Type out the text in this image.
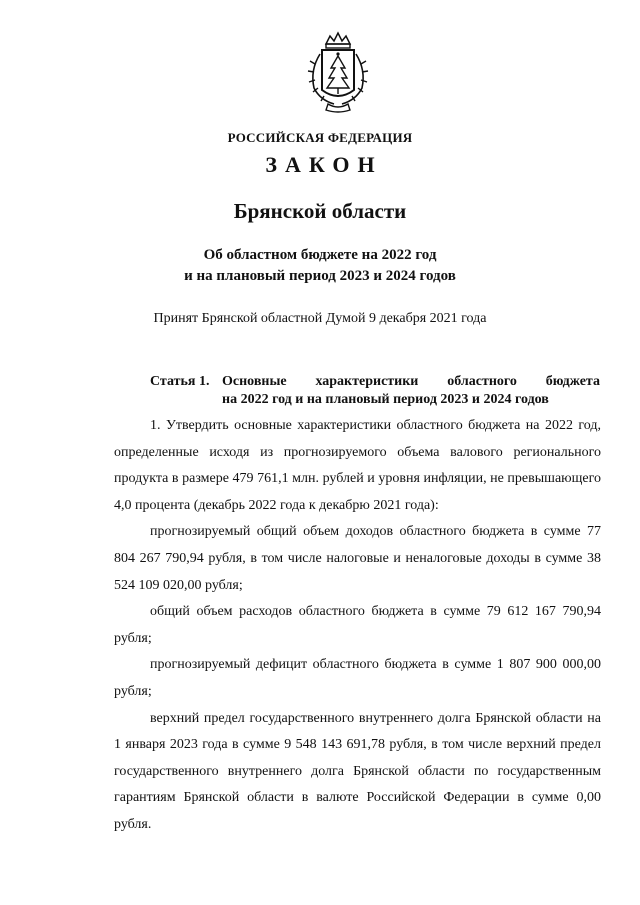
РОССИЙСКАЯ ФЕДЕРАЦИЯ
ЗАКОН
Брянской области
Об областном бюджете на 2022 год
и на плановый период 2023 и 2024 годов
Принят Брянской областной Думой 9 декабря 2021 года
Статья 1. Основные характеристики областного бюджета
на 2022 год и на плановый период 2023 и 2024 годов

1. Утвердить основные характеристики областного бюджета на 2022 год, определенные исходя из прогнозируемого объема валового регионального продукта в размере 479 761,1 млн. рублей и уровня инфляции, не превышающего 4,0 процента (декабрь 2022 года к декабрю 2021 года):

прогнозируемый общий объем доходов областного бюджета в сумме 77 804 267 790,94 рубля, в том числе налоговые и неналоговые доходы в сумме 38 524 109 020,00 рубля;

общий объем расходов областного бюджета в сумме 79 612 167 790,94 рубля;

прогнозируемый дефицит областного бюджета в сумме 1 807 900 000,00 рубля;

верхний предел государственного внутреннего долга Брянской области на 1 января 2023 года в сумме 9 548 143 691,78 рубля, в том числе верхний предел государственного внутреннего долга Брянской области по государственным гарантиям Брянской области в валюте Российской Федерации в сумме 0,00 рубля.
